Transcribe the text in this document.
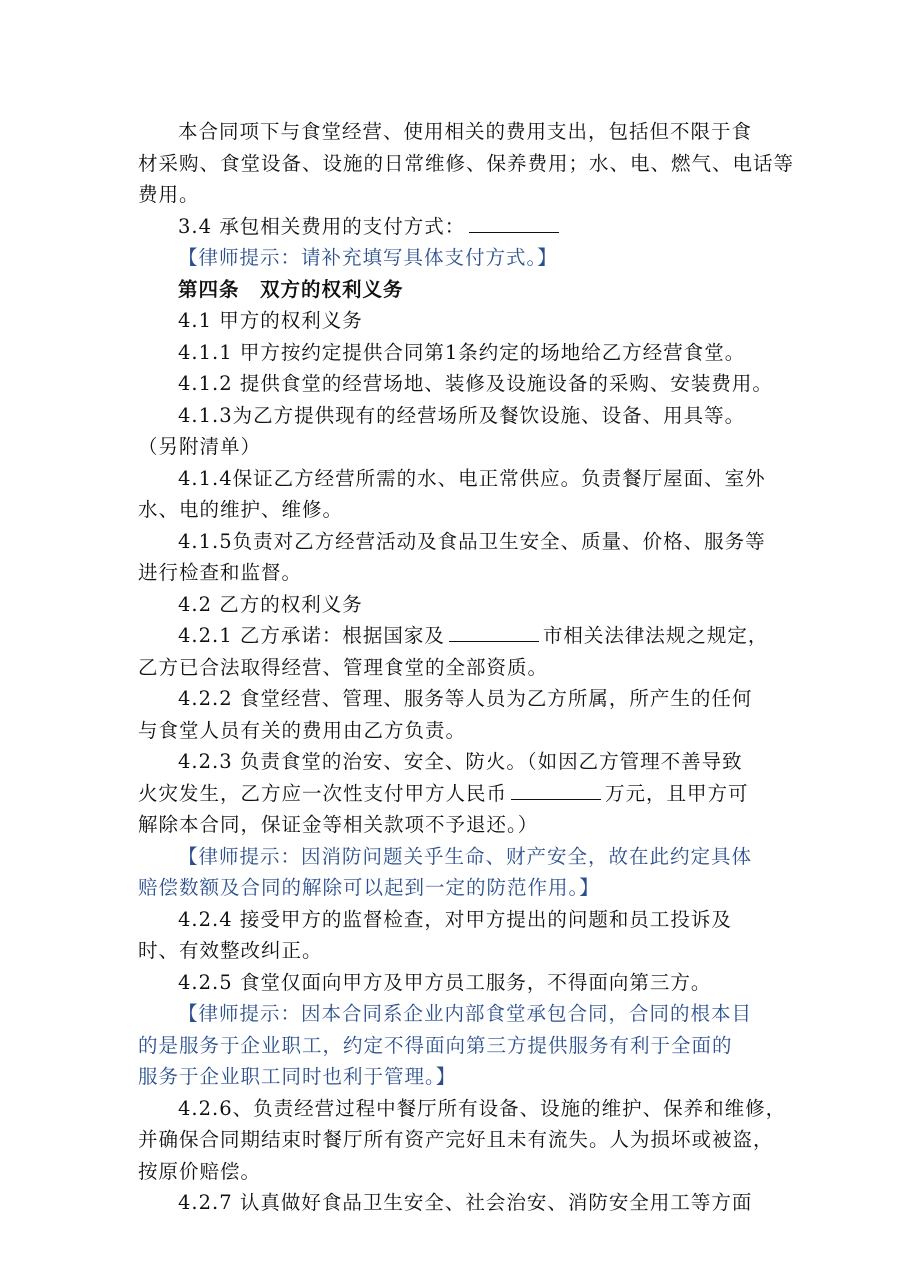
本合同项下与食堂经营、使用相关的费用支出，包括但不限于食

材采购、食堂设备、设施的日常维修、保养费用；水、电、燃气、电话等

费用。

3.4 承包相关费用的支付方式：

【律师提示：请补充填写具体支付方式。】

第四条　双方的权利义务

4.1 甲方的权利义务

4.1.1 甲方按约定提供合同第1条约定的场地给乙方经营食堂。

4.1.2 提供食堂的经营场地、装修及设施设备的采购、安装费用。

4.1.3为乙方提供现有的经营场所及餐饮设施、设备、用具等。

（另附清单）

4.1.4保证乙方经营所需的水、电正常供应。负责餐厅屋面、室外

水、电的维护、维修。

4.1.5负责对乙方经营活动及食品卫生安全、质量、价格、服务等

进行检查和监督。

4.2 乙方的权利义务

4.2.1 乙方承诺：根据国家及	市相关法律法规之规定，

乙方已合法取得经营、管理食堂的全部资质。

4.2.2 食堂经营、管理、服务等人员为乙方所属，所产生的任何

与食堂人员有关的费用由乙方负责。

4.2.3 负责食堂的治安、安全、防火。（如因乙方管理不善导致

火灾发生，乙方应一次性支付甲方人民币	万元，且甲方可

解除本合同，保证金等相关款项不予退还。）

【律师提示：因消防问题关乎生命、财产安全，故在此约定具体

赔偿数额及合同的解除可以起到一定的防范作用。】

4.2.4 接受甲方的监督检查，对甲方提出的问题和员工投诉及

时、有效整改纠正。

4.2.5 食堂仅面向甲方及甲方员工服务，不得面向第三方。

【律师提示：因本合同系企业内部食堂承包合同，合同的根本目

的是服务于企业职工，约定不得面向第三方提供服务有利于全面的

服务于企业职工同时也利于管理。】

4.2.6、负责经营过程中餐厅所有设备、设施的维护、保养和维修，

并确保合同期结束时餐厅所有资产完好且未有流失。人为损坏或被盗，

按原价赔偿。

4.2.7 认真做好食品卫生安全、社会治安、消防安全用工等方面
